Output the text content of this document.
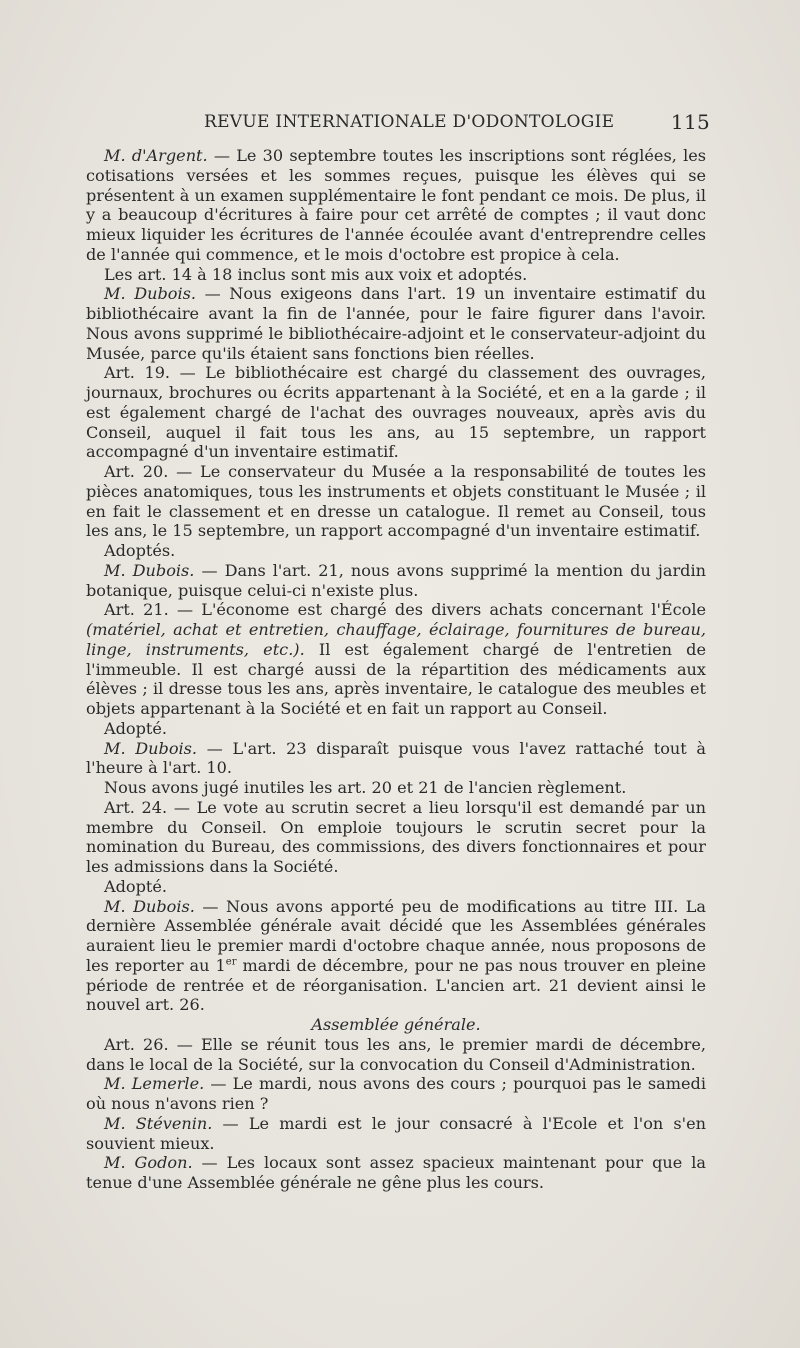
REVUE INTERNATIONALE D'ODONTOLOGIE	115

M. d'Argent. — Le 30 septembre toutes les inscriptions sont réglées, les cotisations versées et les sommes reçues, puisque les élèves qui se présentent à un examen supplémentaire le font pendant ce mois. De plus, il y a beaucoup d'écritures à faire pour cet arrêté de comptes ; il vaut donc mieux liquider les écritures de l'année écoulée avant d'entreprendre celles de l'année qui commence, et le mois d'octobre est propice à cela.

Les art. 14 à 18 inclus sont mis aux voix et adoptés.

M. Dubois. — Nous exigeons dans l'art. 19 un inventaire estimatif du bibliothécaire avant la fin de l'année, pour le faire figurer dans l'avoir. Nous avons supprimé le bibliothécaire-adjoint et le conservateur-adjoint du Musée, parce qu'ils étaient sans fonctions bien réelles.

Art. 19. — Le bibliothécaire est chargé du classement des ouvrages, journaux, brochures ou écrits appartenant à la Société, et en a la garde ; il est également chargé de l'achat des ouvrages nouveaux, après avis du Conseil, auquel il fait tous les ans, au 15 septembre, un rapport accompagné d'un inventaire estimatif.

Art. 20. — Le conservateur du Musée a la responsabilité de toutes les pièces anatomiques, tous les instruments et objets constituant le Musée ; il en fait le classement et en dresse un catalogue. Il remet au Conseil, tous les ans, le 15 septembre, un rapport accompagné d'un inventaire estimatif.

Adoptés.

M. Dubois. — Dans l'art. 21, nous avons supprimé la mention du jardin botanique, puisque celui-ci n'existe plus.

Art. 21. — L'économe est chargé des divers achats concernant l'École (matériel, achat et entretien, chauffage, éclairage, fournitures de bureau, linge, instruments, etc.). Il est également chargé de l'entretien de l'immeuble. Il est chargé aussi de la répartition des médicaments aux élèves ; il dresse tous les ans, après inventaire, le catalogue des meubles et objets appartenant à la Société et en fait un rapport au Conseil.

Adopté.

M. Dubois. — L'art. 23 disparaît puisque vous l'avez rattaché tout à l'heure à l'art. 10.

Nous avons jugé inutiles les art. 20 et 21 de l'ancien règlement.

Art. 24. — Le vote au scrutin secret a lieu lorsqu'il est demandé par un membre du Conseil. On emploie toujours le scrutin secret pour la nomination du Bureau, des commissions, des divers fonctionnaires et pour les admissions dans la Société.

Adopté.

M. Dubois. — Nous avons apporté peu de modifications au titre III. La dernière Assemblée générale avait décidé que les Assemblées générales auraient lieu le premier mardi d'octobre chaque année, nous proposons de les reporter au 1er mardi de décembre, pour ne pas nous trouver en pleine période de rentrée et de réorganisation. L'ancien art. 21 devient ainsi le nouvel art. 26.

Assemblée générale.

Art. 26. — Elle se réunit tous les ans, le premier mardi de décembre, dans le local de la Société, sur la convocation du Conseil d'Administration.

M. Lemerle. — Le mardi, nous avons des cours ; pourquoi pas le samedi où nous n'avons rien ?

M. Stévenin. — Le mardi est le jour consacré à l'Ecole et l'on s'en souvient mieux.

M. Godon. — Les locaux sont assez spacieux maintenant pour que la tenue d'une Assemblée générale ne gêne plus les cours.
